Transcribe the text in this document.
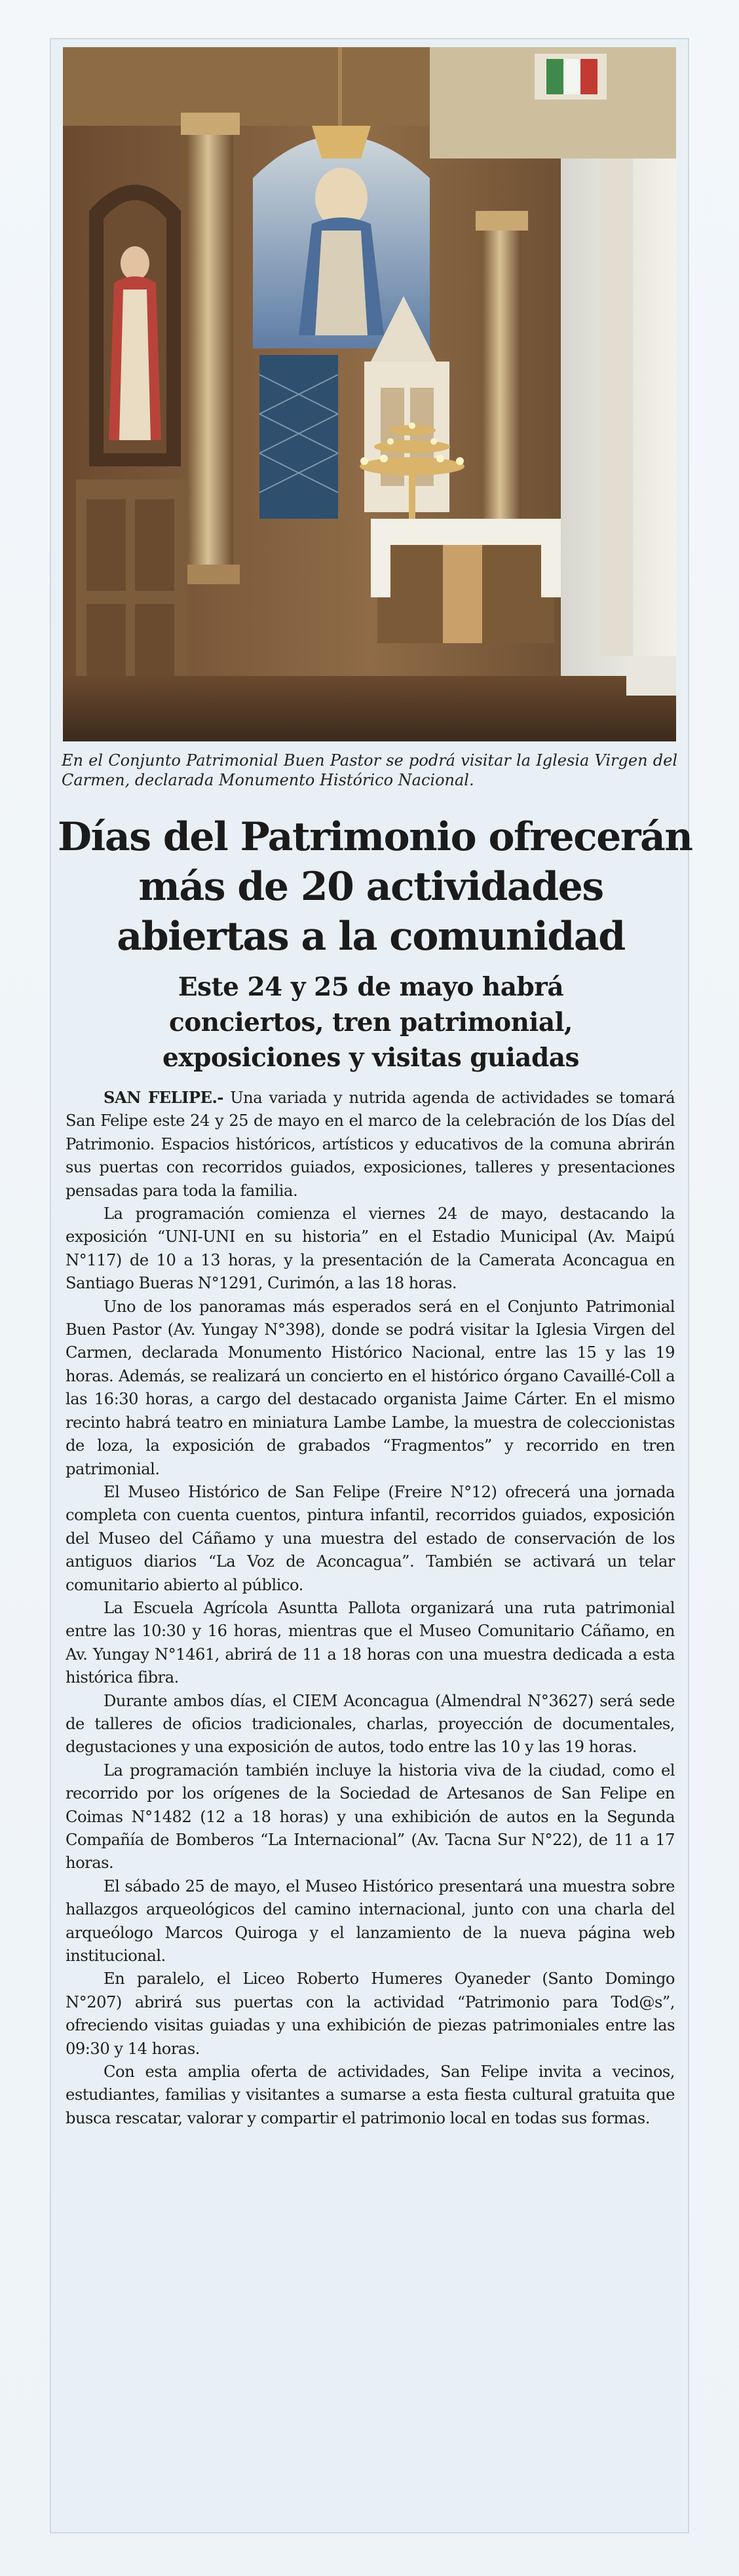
En el Conjunto Patrimonial Buen Pastor se podrá visitar la Iglesia Virgen del Carmen, declarada Monumento Histórico Nacional.
Días del Patrimonio ofrecerán
más de 20 actividades
abiertas a la comunidad
Este 24 y 25 de mayo habrá
conciertos, tren patrimonial,
exposiciones y visitas guiadas

SAN FELIPE.- Una variada y nutrida agenda de actividades se tomará San Felipe este 24 y 25 de mayo en el marco de la celebración de los Días del Patrimonio. Espacios históricos, artísticos y educativos de la comuna abrirán sus puertas con recorridos guiados, exposiciones, talleres y presentaciones pensadas para toda la familia.

La programación comienza el viernes 24 de mayo, destacando la exposición “UNI-UNI en su historia” en el Estadio Municipal (Av. Maipú N°117) de 10 a 13 horas, y la presentación de la Camerata Aconcagua en Santiago Bueras N°1291, Curimón, a las 18 horas.

Uno de los panoramas más esperados será en el Conjunto Patrimonial Buen Pastor (Av. Yungay N°398), donde se podrá visitar la Iglesia Virgen del Carmen, declarada Monumento Histórico Nacional, entre las 15 y las 19 horas. Además, se realizará un concierto en el histórico órgano Cavaillé-Coll a las 16:30 horas, a cargo del destacado organista Jaime Cárter. En el mismo recinto habrá teatro en miniatura Lambe Lambe, la muestra de coleccionistas de loza, la exposición de grabados “Fragmentos” y recorrido en tren patrimonial.

El Museo Histórico de San Felipe (Freire N°12) ofrecerá una jornada completa con cuenta cuentos, pintura infantil, recorridos guiados, exposición del Museo del Cáñamo y una muestra del estado de conservación de los antiguos diarios “La Voz de Aconcagua”. También se activará un telar comunitario abierto al público.

La Escuela Agrícola Asuntta Pallota organizará una ruta patrimonial entre las 10:30 y 16 horas, mientras que el Museo Comunitario Cáñamo, en Av. Yungay N°1461, abrirá de 11 a 18 horas con una muestra dedicada a esta histórica fibra.

Durante ambos días, el CIEM Aconcagua (Almendral N°3627) será sede de talleres de oficios tradicionales, charlas, proyección de documentales, degustaciones y una exposición de autos, todo entre las 10 y las 19 horas.

La programación también incluye la historia viva de la ciudad, como el recorrido por los orígenes de la Sociedad de Artesanos de San Felipe en Coimas N°1482 (12 a 18 horas) y una exhibición de autos en la Segunda Compañía de Bomberos “La Internacional” (Av. Tacna Sur N°22), de 11 a 17 horas.

El sábado 25 de mayo, el Museo Histórico presentará una muestra sobre hallazgos arqueológicos del camino internacional, junto con una charla del arqueólogo Marcos Quiroga y el lanzamiento de la nueva página web institucional.

En paralelo, el Liceo Roberto Humeres Oyaneder (Santo Domingo N°207) abrirá sus puertas con la actividad “Patrimonio para Tod@s”, ofreciendo visitas guiadas y una exhibición de piezas patrimoniales entre las 09:30 y 14 horas.

Con esta amplia oferta de actividades, San Felipe invita a vecinos, estudiantes, familias y visitantes a sumarse a esta fiesta cultural gratuita que busca rescatar, valorar y compartir el patrimonio local en todas sus formas.
